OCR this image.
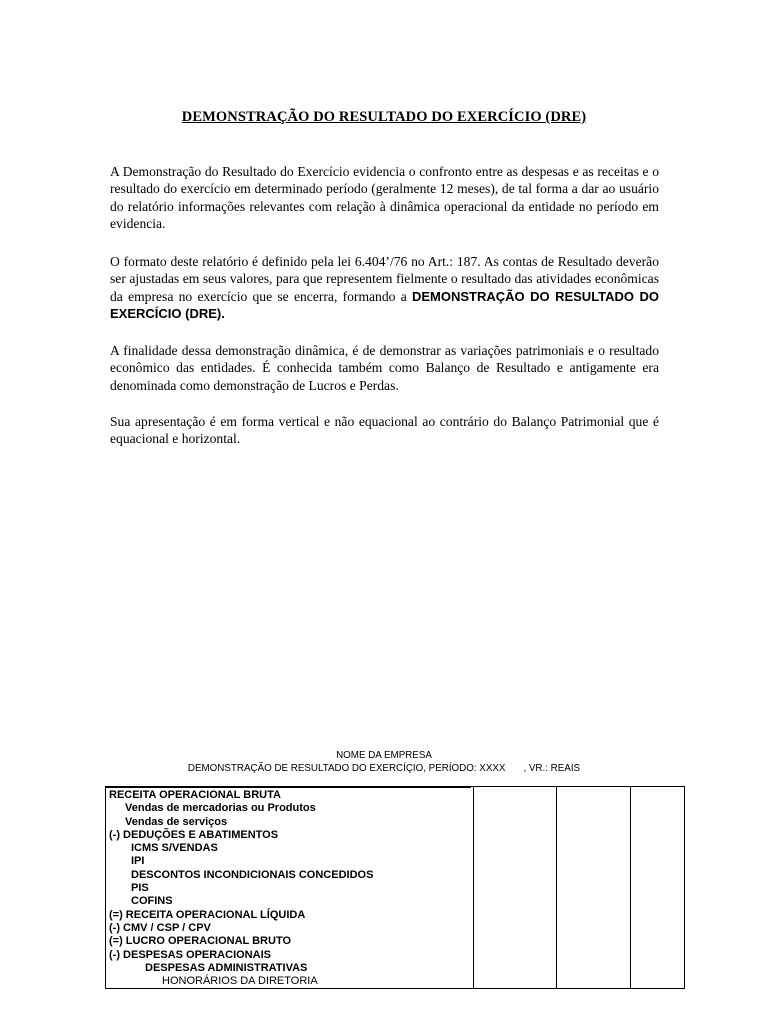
DEMONSTRAÇÃO DO RESULTADO DO EXERCÍCIO (DRE)
A Demonstração do Resultado do Exercício evidencia o confronto entre as despesas e as receitas e o resultado do exercício em determinado período (geralmente 12 meses), de tal forma a dar ao usuário do relatório informações relevantes com relação à dinâmica operacional da entidade no período em evidencia.
O formato deste relatório é definido pela lei 6.404’/76 no Art.: 187. As contas de Resultado deverão ser ajustadas em seus valores, para que representem fielmente o resultado das atividades econômicas da empresa no exercício que se encerra, formando a DEMONSTRAÇÃO DO RESULTADO DO EXERCÍCIO (DRE).
A finalidade dessa demonstração dinâmica, é de demonstrar as variações patrimoniais e o resultado econômico das entidades. É conhecida também como Balanço de Resultado e antigamente era denominada como demonstração de Lucros e Perdas.
Sua apresentação é em forma vertical e não equacional ao contrário do Balanço Patrimonial que é equacional e horizontal.
NOME DA EMPRESA
DEMONSTRAÇÃO DE RESULTADO DO EXERCÍÇIO, PERÍODO: XXXX , VR.: REAIS
RECEITA OPERACIONAL BRUTA
Vendas de mercadorias ou Produtos
Vendas de serviços
(-) DEDUÇÕES E ABATIMENTOS
ICMS S/VENDAS
IPI
DESCONTOS INCONDICIONAIS CONCEDIDOS
PIS
COFINS
(=) RECEITA OPERACIONAL LÍQUIDA
(-) CMV / CSP / CPV
(=) LUCRO OPERACIONAL BRUTO
(-) DESPESAS OPERACIONAIS
DESPESAS ADMINISTRATIVAS
HONORÁRIOS DA DIRETORIA
